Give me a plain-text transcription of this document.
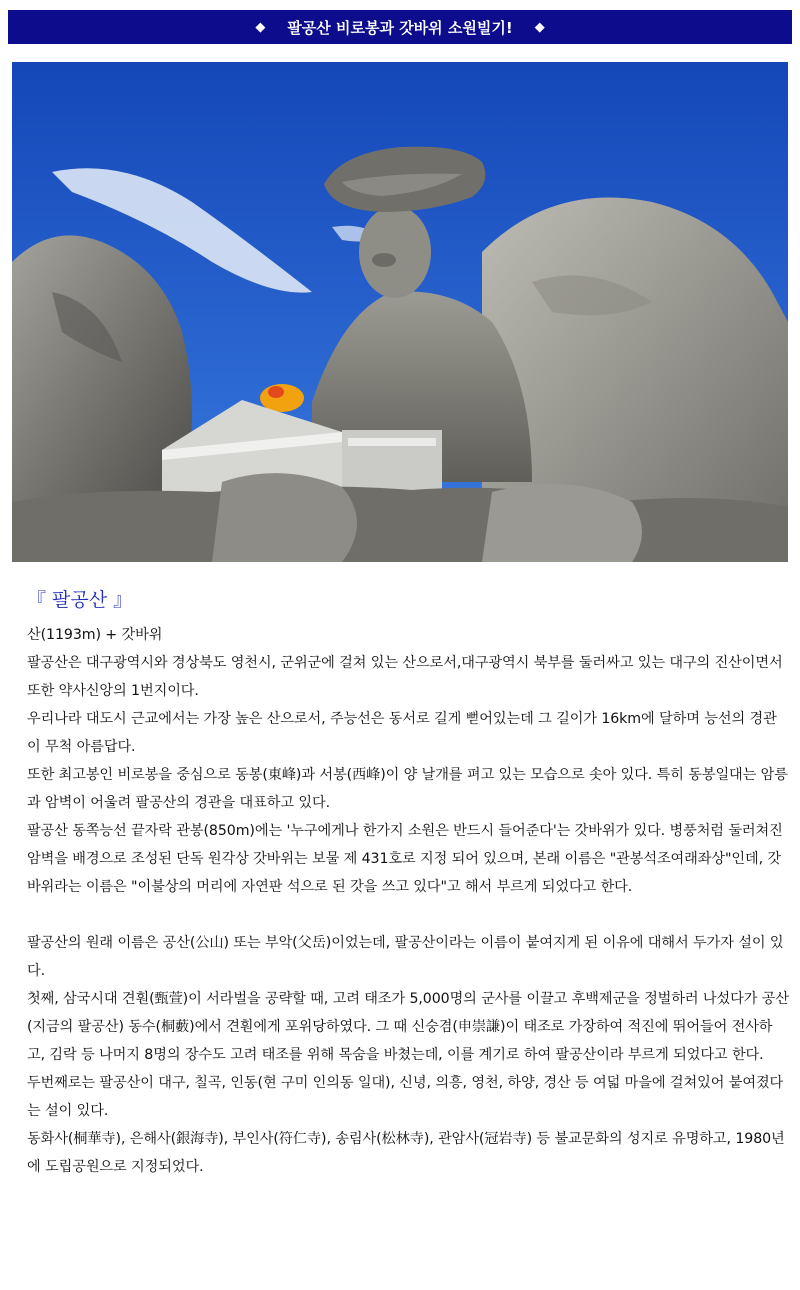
◆ 팔공산 비로봉과 갓바위 소원빌기! ◆
『 팔공산 』
산(1193m) + 갓바위
팔공산은 대구광역시와 경상북도 영천시, 군위군에 걸쳐 있는 산으로서,대구광역시 북부를 둘러싸고 있는 대구의 진산이면서 또한 약사신앙의 1번지이다.
우리나라 대도시 근교에서는 가장 높은 산으로서, 주능선은 동서로 길게 뻗어있는데 그 길이가 16km에 달하며 능선의 경관이 무척 아름답다.
또한 최고봉인 비로봉을 중심으로 동봉(東峰)과 서봉(西峰)이 양 날개를 펴고 있는 모습으로 솟아 있다. 특히 동봉일대는 암릉과 암벽이 어울려 팔공산의 경관을 대표하고 있다.
팔공산 동쪽능선 끝자락 관봉(850m)에는 '누구에게나 한가지 소원은 반드시 들어준다'는 갓바위가 있다. 병풍처럼 둘러쳐진 암벽을 배경으로 조성된 단독 원각상 갓바위는 보물 제 431호로 지정 되어 있으며, 본래 이름은 "관봉석조여래좌상"인데, 갓바위라는 이름은 "이불상의 머리에 자연판 석으로 된 갓을 쓰고 있다"고 해서 부르게 되었다고 한다.
팔공산의 원래 이름은 공산(公山) 또는 부악(父岳)이었는데, 팔공산이라는 이름이 붙여지게 된 이유에 대해서 두가자 설이 있다.
첫째, 삼국시대 견훤(甄萱)이 서라벌을 공략할 때, 고려 태조가 5,000명의 군사를 이끌고 후백제군을 정벌하러 나섰다가 공산(지금의 팔공산) 동수(桐藪)에서 견훤에게 포위당하였다. 그 때 신숭겸(申崇謙)이 태조로 가장하여 적진에 뛰어들어 전사하고, 김락 등 나머지 8명의 장수도 고려 태조를 위해 목숨을 바쳤는데, 이를 계기로 하여 팔공산이라 부르게 되었다고 한다.
두번째로는 팔공산이 대구, 칠곡, 인동(현 구미 인의동 일대), 신녕, 의흥, 영천, 하양, 경산 등 여덟 마을에 걸쳐있어 붙여졌다는 설이 있다.
동화사(桐華寺), 은해사(銀海寺), 부인사(符仁寺), 송림사(松林寺), 관암사(冠岩寺) 등 불교문화의 성지로 유명하고, 1980년에 도립공원으로 지정되었다.
